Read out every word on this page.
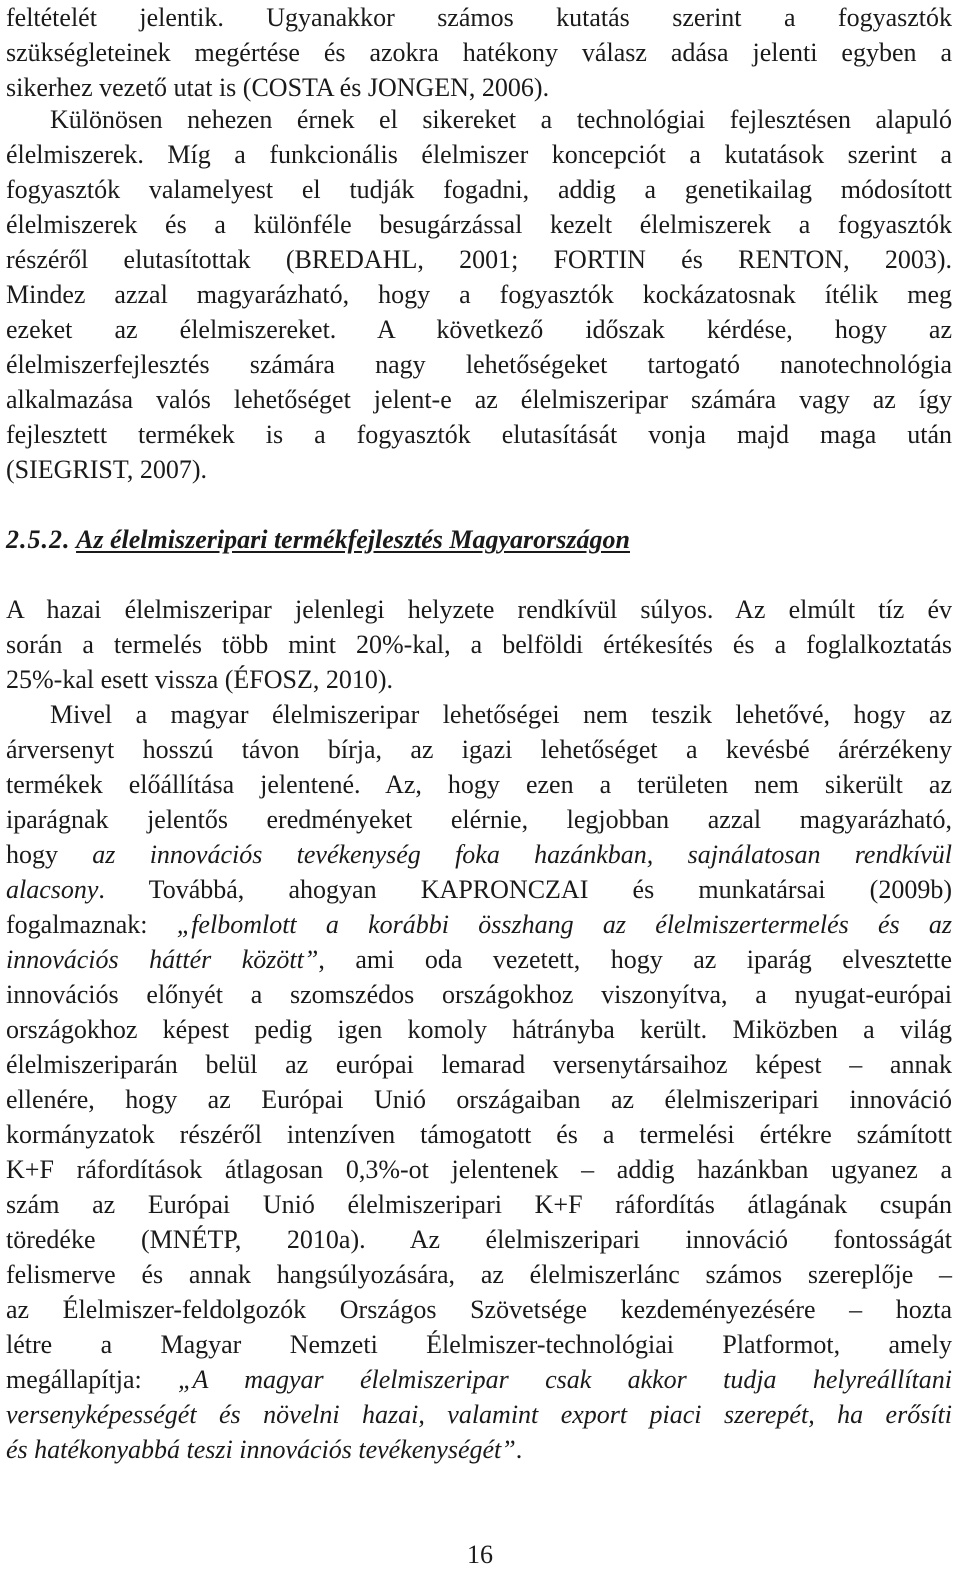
feltételét jelentik. Ugyanakkor számos kutatás szerint a fogyasztók
szükségleteinek megértése és azokra hatékony válasz adása jelenti egyben a
sikerhez vezető utat is (COSTA és JONGEN, 2006).
Különösen nehezen érnek el sikereket a technológiai fejlesztésen alapuló
élelmiszerek. Míg a funkcionális élelmiszer koncepciót a kutatások szerint a
fogyasztók valamelyest el tudják fogadni, addig a genetikailag módosított
élelmiszerek és a különféle besugárzással kezelt élelmiszerek a fogyasztók
részéről elutasítottak (BREDAHL, 2001; FORTIN és RENTON, 2003).
Mindez azzal magyarázható, hogy a fogyasztók kockázatosnak ítélik meg
ezeket az élelmiszereket. A következő időszak kérdése, hogy az
élelmiszerfejlesztés számára nagy lehetőségeket tartogató nanotechnológia
alkalmazása valós lehetőséget jelent-e az élelmiszeripar számára vagy az így
fejlesztett termékek is a fogyasztók elutasítását vonja majd maga után
(SIEGRIST, 2007).
2.5.2. Az élelmiszeripari termékfejlesztés Magyarországon
A hazai élelmiszeripar jelenlegi helyzete rendkívül súlyos. Az elmúlt tíz év
során a termelés több mint 20%-kal, a belföldi értékesítés és a foglalkoztatás
25%-kal esett vissza (ÉFOSZ, 2010).
Mivel a magyar élelmiszeripar lehetőségei nem teszik lehetővé, hogy az
árversenyt hosszú távon bírja, az igazi lehetőséget a kevésbé árérzékeny
termékek előállítása jelentené. Az, hogy ezen a területen nem sikerült az
iparágnak jelentős eredményeket elérnie, legjobban azzal magyarázható,
hogy az innovációs tevékenység foka hazánkban, sajnálatosan rendkívül
alacsony. Továbbá, ahogyan KAPRONCZAI és munkatársai (2009b)
fogalmaznak: „felbomlott a korábbi összhang az élelmiszertermelés és az
innovációs háttér között”, ami oda vezetett, hogy az iparág elvesztette
innovációs előnyét a szomszédos országokhoz viszonyítva, a nyugat-európai
országokhoz képest pedig igen komoly hátrányba került. Miközben a világ
élelmiszeriparán belül az európai lemarad versenytársaihoz képest – annak
ellenére, hogy az Európai Unió országaiban az élelmiszeripari innováció
kormányzatok részéről intenzíven támogatott és a termelési értékre számított
K+F ráfordítások átlagosan 0,3%-ot jelentenek – addig hazánkban ugyanez a
szám az Európai Unió élelmiszeripari K+F ráfordítás átlagának csupán
töredéke (MNÉTP, 2010a). Az élelmiszeripari innováció fontosságát
felismerve és annak hangsúlyozására, az élelmiszerlánc számos szereplője –
az Élelmiszer-feldolgozók Országos Szövetsége kezdeményezésére – hozta
létre a Magyar Nemzeti Élelmiszer-technológiai Platformot, amely
megállapítja: „A magyar élelmiszeripar csak akkor tudja helyreállítani
versenyképességét és növelni hazai, valamint export piaci szerepét, ha erősíti
és hatékonyabbá teszi innovációs tevékenységét”.
16
